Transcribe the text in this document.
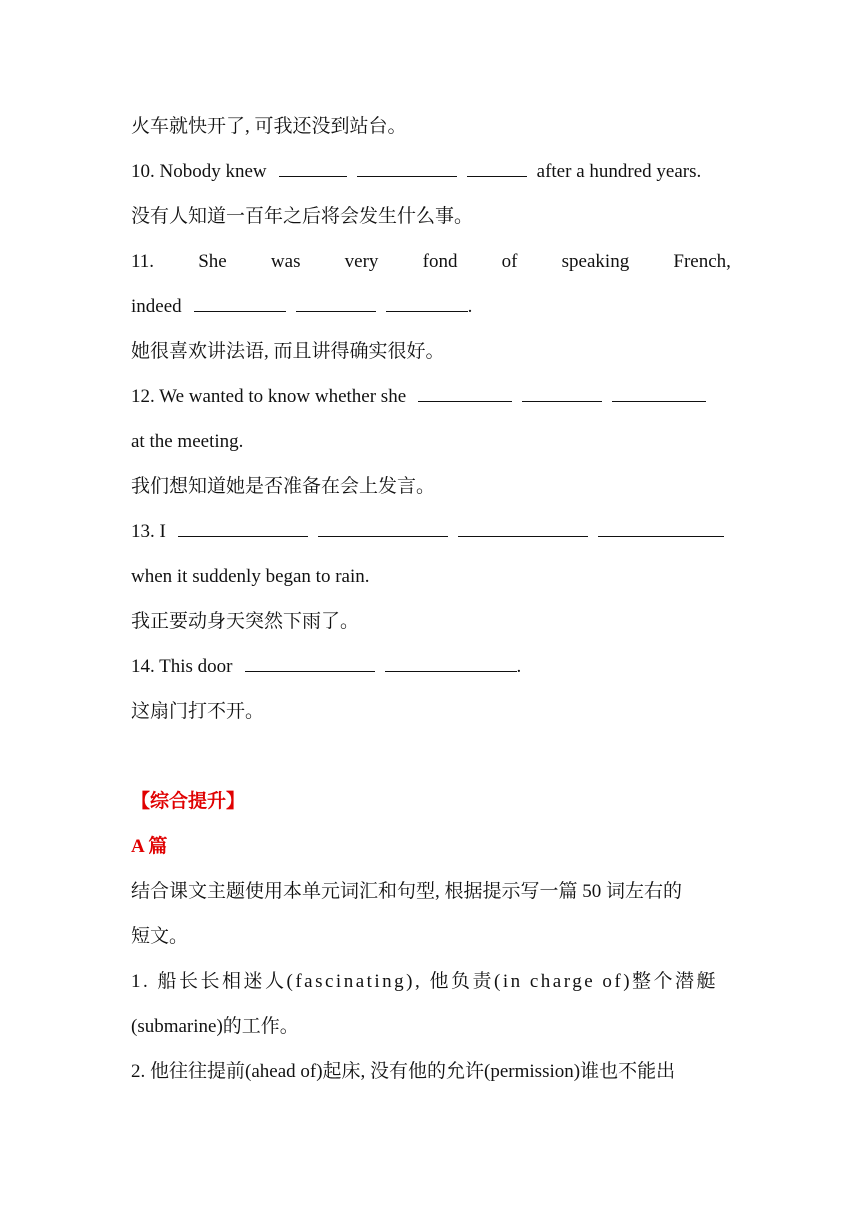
火车就快开了, 可我还没到站台。
10. Nobody knew	after a hundred years.
没有人知道一百年之后将会发生什么事。
11. She was very fond of speaking French,
indeed	.
她很喜欢讲法语, 而且讲得确实很好。
12. We wanted to know whether she
at the meeting.
我们想知道她是否准备在会上发言。
13. I
when it suddenly began to rain.
我正要动身天突然下雨了。
14. This door	.
这扇门打不开。
【综合提升】
A 篇
结合课文主题使用本单元词汇和句型, 根据提示写一篇 50 词左右的
短文。
1. 船长长相迷人(fascinating), 他负责(in charge of)整个潜艇
(submarine)的工作。
2. 他往往提前(ahead of)起床, 没有他的允许(permission)谁也不能出
